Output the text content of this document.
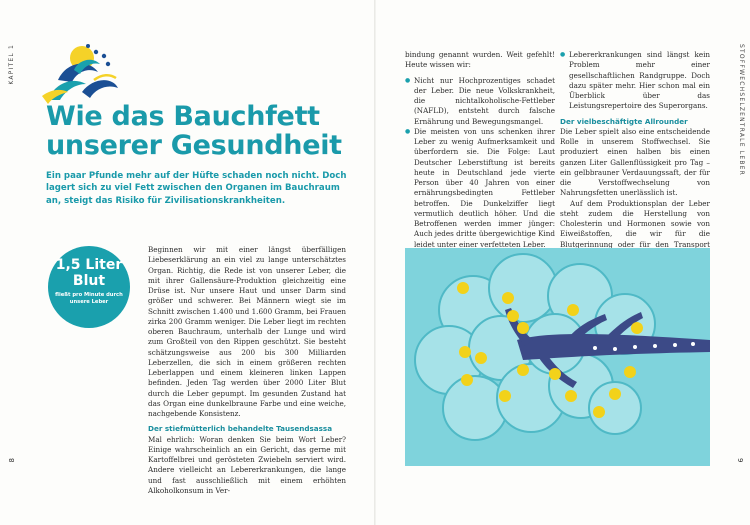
KAPITEL 1	STOFFWECHSELZENTRALE LEBER
8	9
Wie das Bauchfett unserer Gesundheit
Ein paar Pfunde mehr auf der Hüfte schaden noch nicht. Doch lagert sich zu viel Fett zwischen den Organen im Bauchraum an, steigt das Risiko für Zivilisationskrankheiten.
1,5 Liter Blut
fließt pro Minute durch unsere Leber

Beginnen wir mit einer längst überfälligen Liebeserklärung an ein viel zu lange unterschätztes Organ. Richtig, die Rede ist von unserer Leber, die mit ihrer Gallensäure-Produktion gleichzeitig eine Drüse ist. Nur unsere Haut und unser Darm sind größer und schwerer. Bei Männern wiegt sie im Schnitt zwischen 1.400 und 1.600 Gramm, bei Frauen zirka 200 Gramm weniger. Die Leber liegt im rechten oberen Bauchraum, unterhalb der Lunge und wird zum Großteil von den Rippen geschützt. Sie besteht schätzungsweise aus 200 bis 300 Milliarden Leberzellen, die sich in einem größeren rechten Leberlappen und einem kleineren linken Lappen befinden. Jeden Tag werden über 2000 Liter Blut durch die Leber gepumpt. Im gesunden Zustand hat das Organ eine dunkelbraune Farbe und eine weiche, nachgebende Konsistenz.

Der stiefmütterlich behandelte Tausendsassa

Mal ehrlich: Woran denken Sie beim Wort Leber? Einige wahrscheinlich an ein Gericht, das gerne mit Kartoffelbrei und gerösteten Zwiebeln serviert wird. Andere vielleicht an Lebererkrankungen, die lange und fast ausschließlich mit einem erhöhten Alkoholkonsum in Ver-

bindung genannt wurden. Weit gefehlt! Heute wissen wir:

● Nicht nur Hochprozentiges schadet der Leber. Die neue Volkskrankheit, die nichtalkoholische-Fettleber (NAFLD), entsteht durch falsche Ernährung und Bewegungsmangel.
● Die meisten von uns schenken ihrer Leber zu wenig Aufmerksamkeit und überfordern sie. Die Folge: Laut Deutscher Leberstiftung ist bereits heute in Deutschland jede vierte Person über 40 Jahren von einer ernährungsbedingten Fettleber betroffen. Die Dunkelziffer liegt vermutlich deutlich höher. Und die Betroffenen werden immer jünger: Auch jedes dritte übergewichtige Kind leidet unter einer verfetteten Leber.
● Lebererkrankungen sind längst kein Problem mehr einer gesellschaftlichen Randgruppe. Doch dazu später mehr. Hier schon mal ein Überblick über das Leistungsrepertoire des Superorgans.
Der vielbeschäftigte Allrounder

Die Leber spielt also eine entscheidende Rolle in unserem Stoffwechsel. Sie produziert einen halben bis einen ganzen Liter Gallenflüssigkeit pro Tag – ein gelbbrauner Verdauungssaft, der für die Verstoffwechselung von Nahrungsfetten unerlässlich ist.

Auf dem Produktionsplan der Leber steht zudem die Herstellung von Cholesterin und Hormonen sowie von Eiweißstoffen, die wir für die Blutgerinnung oder für den Transport
